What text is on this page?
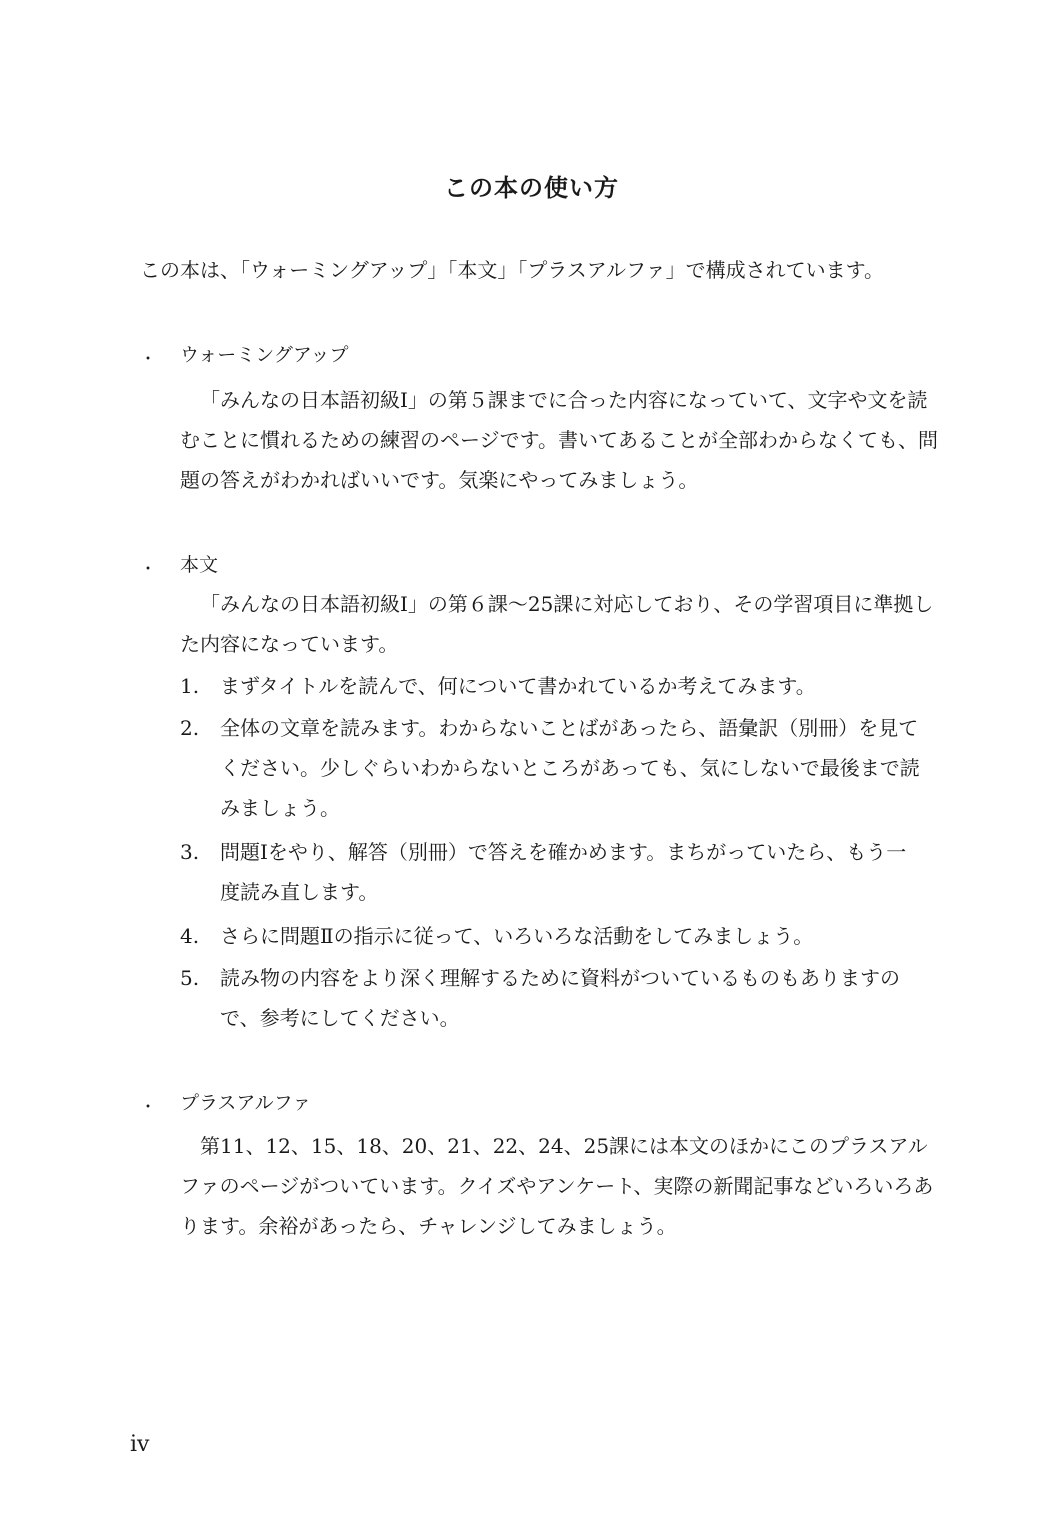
この本の使い方
この本は、「ウォーミングアップ」「本文」「プラスアルファ」で構成されています。
・ ウォーミングアップ
「みんなの日本語初級Ⅰ」の第５課までに合った内容になっていて、文字や文を読むことに慣れるための練習のページです。書いてあることが全部わからなくても、問題の答えがわかればいいです。気楽にやってみましょう。
・ 本文
「みんなの日本語初級Ⅰ」の第６課〜25課に対応しており、その学習項目に準拠した内容になっています。
1. まずタイトルを読んで、何について書かれているか考えてみます。
2. 全体の文章を読みます。わからないことばがあったら、語彙訳（別冊）を見てください。少しぐらいわからないところがあっても、気にしないで最後まで読みましょう。
3. 問題Ⅰをやり、解答（別冊）で答えを確かめます。まちがっていたら、もう一度読み直します。
4. さらに問題Ⅱの指示に従って、いろいろな活動をしてみましょう。
5. 読み物の内容をより深く理解するために資料がついているものもありますので、参考にしてください。
・ プラスアルファ
第11、12、15、18、20、21、22、24、25課には本文のほかにこのプラスアルファのページがついています。クイズやアンケート、実際の新聞記事などいろいろあります。余裕があったら、チャレンジしてみましょう。
iv
